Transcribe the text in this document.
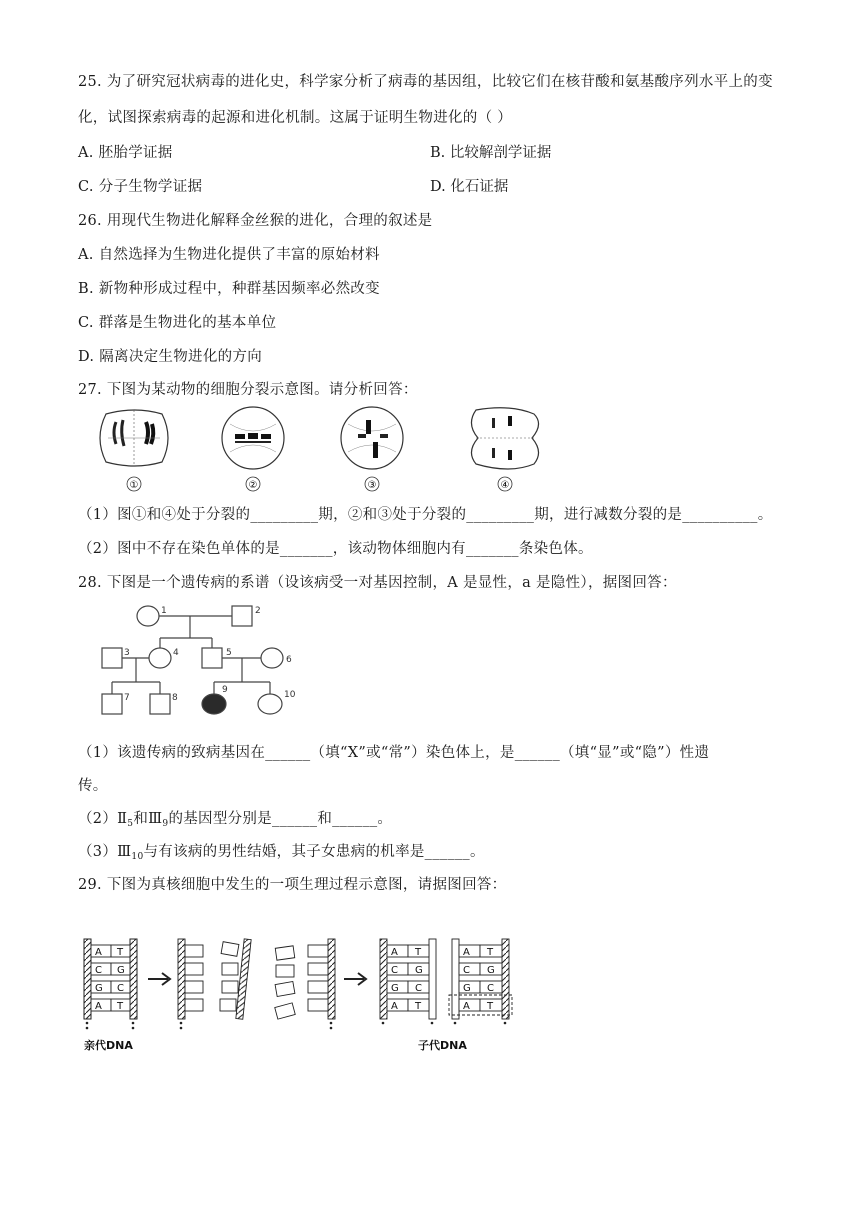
25. 为了研究冠状病毒的进化史，科学家分析了病毒的基因组，比较它们在核苷酸和氨基酸序列水平上的变
化，试图探索病毒的起源和进化机制。这属于证明生物进化的（ ）
A. 胚胎学证据	B. 比较解剖学证据
C. 分子生物学证据	D. 化石证据
26. 用现代生物进化解释金丝猴的进化，合理的叙述是
A. 自然选择为生物进化提供了丰富的原始材料
B. 新物种形成过程中，种群基因频率必然改变
C. 群落是生物进化的基本单位
D. 隔离决定生物进化的方向
27. 下图为某动物的细胞分裂示意图。请分析回答：
①	②	③	④
（1）图①和④处于分裂的_________期，②和③处于分裂的_________期，进行减数分裂的是__________。
（2）图中不存在染色单体的是_______，该动物体细胞内有_______条染色体。
28. 下图是一个遗传病的系谱（设该病受一对基因控制，A 是显性，a 是隐性），据图回答：
1	2
3	4	5
6
7	8
9	10
（1）该遗传病的致病基因在______（填“X”或“常”）染色体上，是______（填“显”或“隐”）性遗
传。
$(2)Ⅱ_5$和$Ⅲ_9$的基因型分别是______和______。
$(3)Ⅲ_{10}$与有该病的男性结婚，其子女患病的机率是______。
29. 下图为真核细胞中发生的一项生理过程示意图，请据图回答：
A T
C G
G C
A T
A T
C G
G C
A T
A T
C G
G C
A T
亲代DNA	子代DNA
